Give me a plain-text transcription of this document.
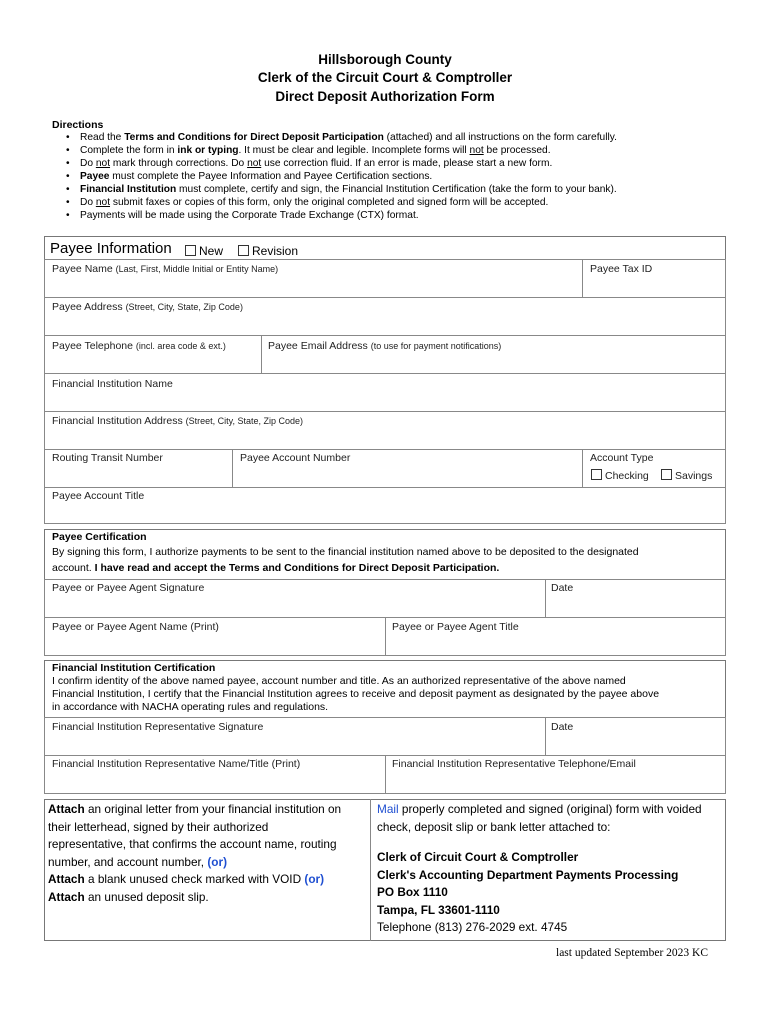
Hillsborough County
Clerk of the Circuit Court & Comptroller
Direct Deposit Authorization Form
Directions
• Read the Terms and Conditions for Direct Deposit Participation (attached) and all instructions on the form carefully.
• Complete the form in ink or typing. It must be clear and legible. Incomplete forms will not be processed.
• Do not mark through corrections. Do not use correction fluid. If an error is made, please start a new form.
• Payee must complete the Payee Information and Payee Certification sections.
• Financial Institution must complete, certify and sign, the Financial Institution Certification (take the form to your bank).
• Do not submit faxes or copies of this form, only the original completed and signed form will be accepted.
• Payments will be made using the Corporate Trade Exchange (CTX) format.
Payee Information	New	Revision
Payee Name (Last, First, Middle Initial or Entity Name)	Payee Tax ID
Payee Address (Street, City, State, Zip Code)
Payee Telephone (incl. area code & ext.)	Payee Email Address (to use for payment notifications)
Financial Institution Name
Financial Institution Address (Street, City, State, Zip Code)
Routing Transit Number	Payee Account Number	Account Type
Checking	Savings
Payee Account Title
Payee Certification
By signing this form, I authorize payments to be sent to the financial institution named above to be deposited to the designated
account. I have read and accept the Terms and Conditions for Direct Deposit Participation.
Payee or Payee Agent Signature	Date
Payee or Payee Agent Name (Print)	Payee or Payee Agent Title
Financial Institution Certification
I confirm identity of the above named payee, account number and title. As an authorized representative of the above named
Financial Institution, I certify that the Financial Institution agrees to receive and deposit payment as designated by the payee above
in accordance with NACHA operating rules and regulations.
Financial Institution Representative Signature	Date
Financial Institution Representative Name/Title (Print)	Financial Institution Representative Telephone/Email
Attach an original letter from your financial institution on
their letterhead, signed by their authorized
representative, that confirms the account name, routing
number, and account number, (or)
Attach a blank unused check marked with VOID (or)
Attach an unused deposit slip.
Mail properly completed and signed (original) form with voided
check, deposit slip or bank letter attached to:
Clerk of Circuit Court & Comptroller
Clerk's Accounting Department Payments Processing
PO Box 1110
Tampa, FL 33601-1110
Telephone (813) 276-2029 ext. 4745
last updated September 2023 KC
